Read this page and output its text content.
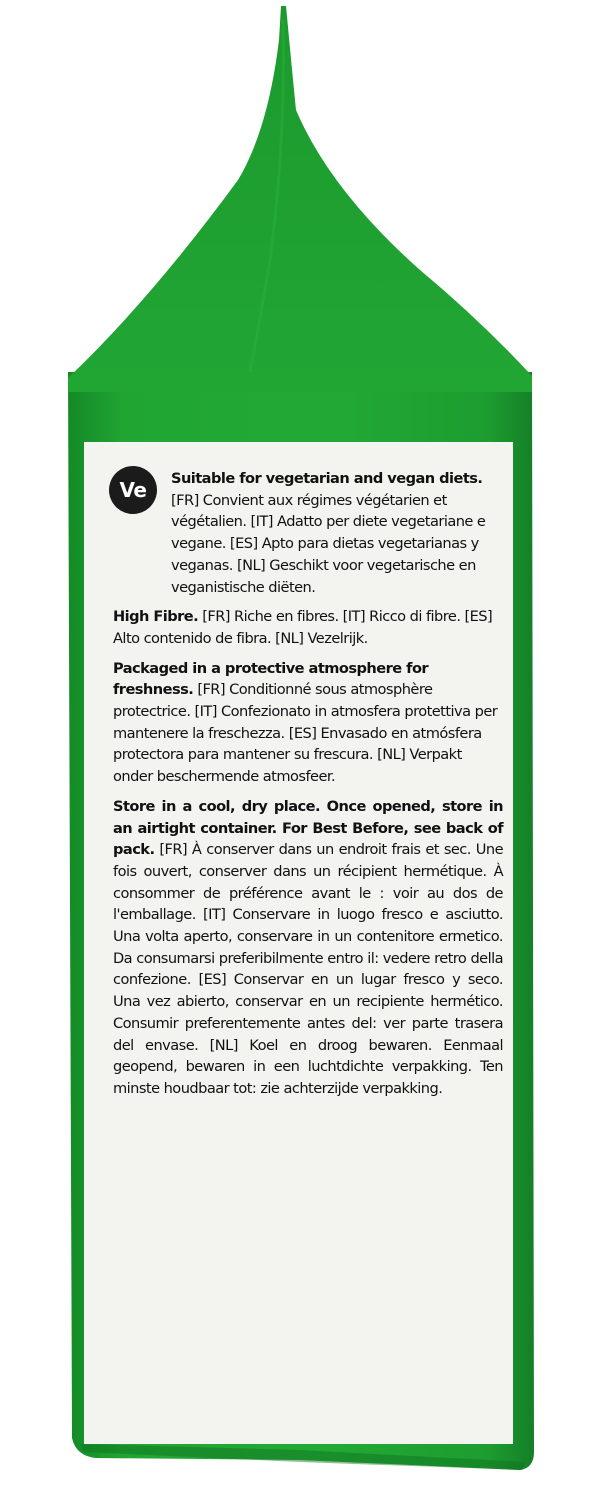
Ve	Suitable for vegetarian and vegan diets. [FR] Convient aux régimes végétarien et végétalien. [IT] Adatto per diete vegetariane e vegane. [ES] Apto para dietas vegetarianas y veganas. [NL] Geschikt voor vegetarische en veganistische diëten.

High Fibre. [FR] Riche en fibres. [IT] Ricco di fibre. [ES] Alto contenido de fibra. [NL] Vezelrijk.

Packaged in a protective atmosphere for freshness. [FR] Conditionné sous atmosphère protectrice. [IT] Confezionato in atmosfera protettiva per mantenere la freschezza. [ES] Envasado en atmósfera protectora para mantener su frescura. [NL] Verpakt onder beschermende atmosfeer.

Store in a cool, dry place. Once opened, store in an airtight container. For Best Before, see back of pack. [FR] À conserver dans un endroit frais et sec. Une fois ouvert, conserver dans un récipient hermétique. À consommer de préférence avant le : voir au dos de l'emballage. [IT] Conservare in luogo fresco e asciutto. Una volta aperto, conservare in un contenitore ermetico. Da consumarsi preferibilmente entro il: vedere retro della confezione. [ES] Conservar en un lugar fresco y seco. Una vez abierto, conservar en un recipiente hermético. Consumir preferentemente antes del: ver parte trasera del envase. [NL] Koel en droog bewaren. Eenmaal geopend, bewaren in een luchtdichte verpakking. Ten minste houdbaar tot: zie achterzijde verpakking.
